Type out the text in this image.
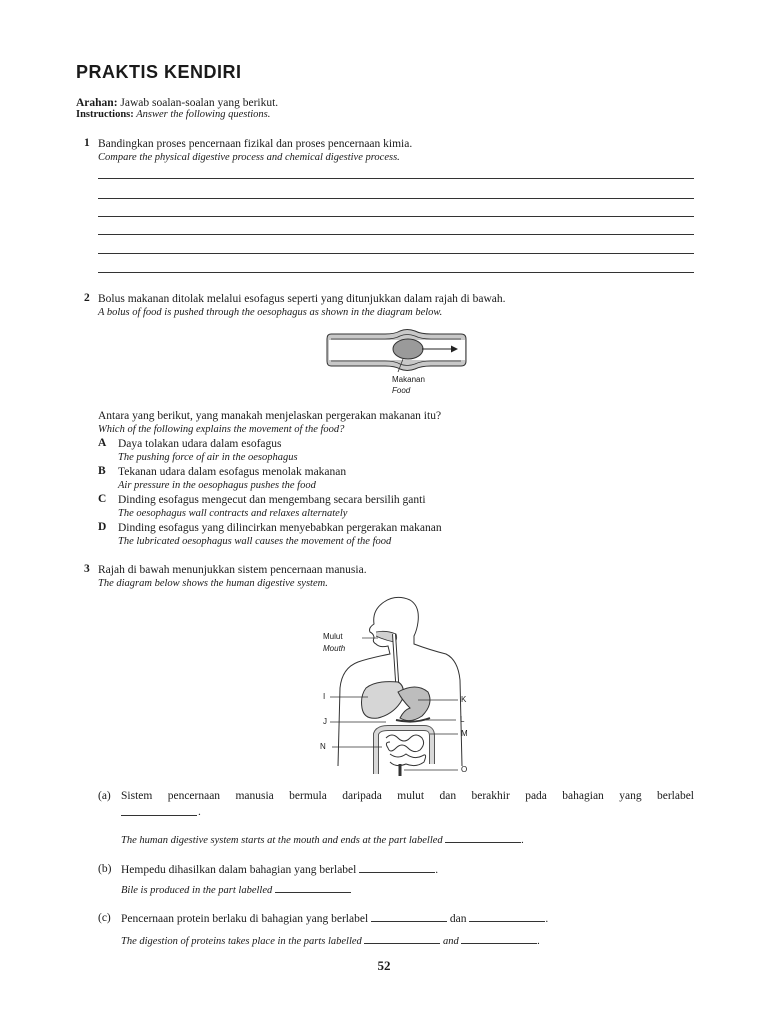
PRAKTIS KENDIRI
Arahan: Jawab soalan-soalan yang berikut.
Instructions: Answer the following questions.
1 Bandingkan proses pencernaan fizikal dan proses pencernaan kimia.
Compare the physical digestive process and chemical digestive process.
2 Bolus makanan ditolak melalui esofagus seperti yang ditunjukkan dalam rajah di bawah.
A bolus of food is pushed through the oesophagus as shown in the diagram below.
Makanan
Food
Antara yang berikut, yang manakah menjelaskan pergerakan makanan itu?
Which of the following explains the movement of the food?
A Daya tolakan udara dalam esofagus
The pushing force of air in the oesophagus
B Tekanan udara dalam esofagus menolak makanan
Air pressure in the oesophagus pushes the food
C Dinding esofagus mengecut dan mengembang secara bersilih ganti
The oesophagus wall contracts and relaxes alternately
D Dinding esofagus yang dilincirkan menyebabkan pergerakan makanan
The lubricated oesophagus wall causes the movement of the food
3 Rajah di bawah menunjukkan sistem pencernaan manusia.
The diagram below shows the human digestive system.
Mulut
Mouth
I
J
N
K
L
M
O
(a) Sistem pencernaan manusia bermula daripada mulut dan berakhir pada bahagian yang berlabel
.
The human digestive system starts at the mouth and ends at the part labelled	.
(b) Hempedu dihasilkan dalam bahagian yang berlabel	.
Bile is produced in the part labelled
(c) Pencernaan protein berlaku di bahagian yang berlabel	dan	.
The digestion of proteins takes place in the parts labelled	and	.
52
